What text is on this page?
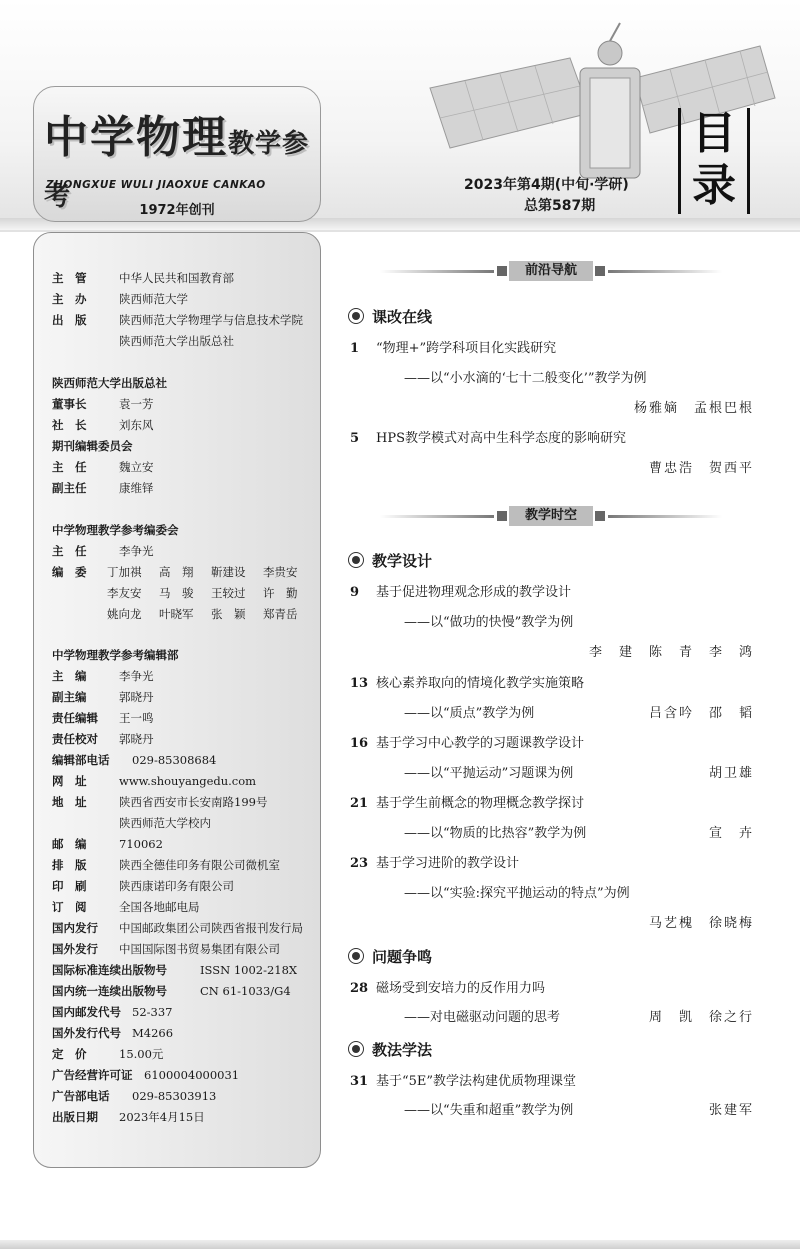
中学物理教学参考
ZHONGXUE WULI JIAOXUE CANKAO
1972年创刊
2023年第4期(中旬·学研)
总第587期
目
录
主　管	中华人民共和国教育部
主　办	陕西师范大学
出　版	陕西师范大学物理学与信息技术学院
陕西师范大学出版总社
陕西师范大学出版总社
董事长	袁一芳
社　长	刘东风
期刊编辑委员会
主　任	魏立安
副主任	康维铎
中学物理教学参考编委会
主　任	李争光
编　委 丁加祺 高　翔 靳建设 李贵安
李友安 马　骏 王较过 许　勤
姚向龙 叶晓军 张　颖 郑青岳
中学物理教学参考编辑部
主　编	李争光
副主编	郭晓丹
责任编辑 王一鸣
责任校对 郭晓丹
编辑部电话 029-85308684
网　址	www.shouyangedu.com
地　址	陕西省西安市长安南路199号
陕西师范大学校内
邮　编	710062
排　版	陕西全德佳印务有限公司微机室
印　刷	陕西康诺印务有限公司
订　阅	全国各地邮电局
国内发行 中国邮政集团公司陕西省报刊发行局
国外发行 中国国际图书贸易集团有限公司
国际标准连续出版物号	ISSN 1002-218X
国内统一连续出版物号	CN 61-1033/G4
国内邮发代号 52-337
国外发行代号 M4266
定　价	15.00元
广告经营许可证 6100004000031
广告部电话 029-85303913
出版日期 2023年4月15日
前沿导航
课改在线
1 “物理+”跨学科项目化实践研究
——以“小水滴的‘七十二般变化’”教学为例
杨雅嫡　孟根巴根
5 HPS教学模式对高中生科学态度的影响研究
曹忠浩　贺西平
教学时空
教学设计
9 基于促进物理观念形成的教学设计
——以“做功的快慢”教学为例
李　建　陈　青　李　鸿
13 核心素养取向的情境化教学实施策略
——以“质点”教学为例	吕含吟　邵　韬
16 基于学习中心教学的习题课教学设计
——以“平抛运动”习题课为例	胡卫雄
21 基于学生前概念的物理概念教学探讨
——以“物质的比热容”教学为例	宣　卉
23 基于学习进阶的教学设计
——以“实验:探究平抛运动的特点”为例
马艺槐　徐晓梅
问题争鸣
28 磁场受到安培力的反作用力吗
——对电磁驱动问题的思考	周　凯　徐之行
教法学法
31 基于“5E”教学法构建优质物理课堂
——以“失重和超重”教学为例	张建军
